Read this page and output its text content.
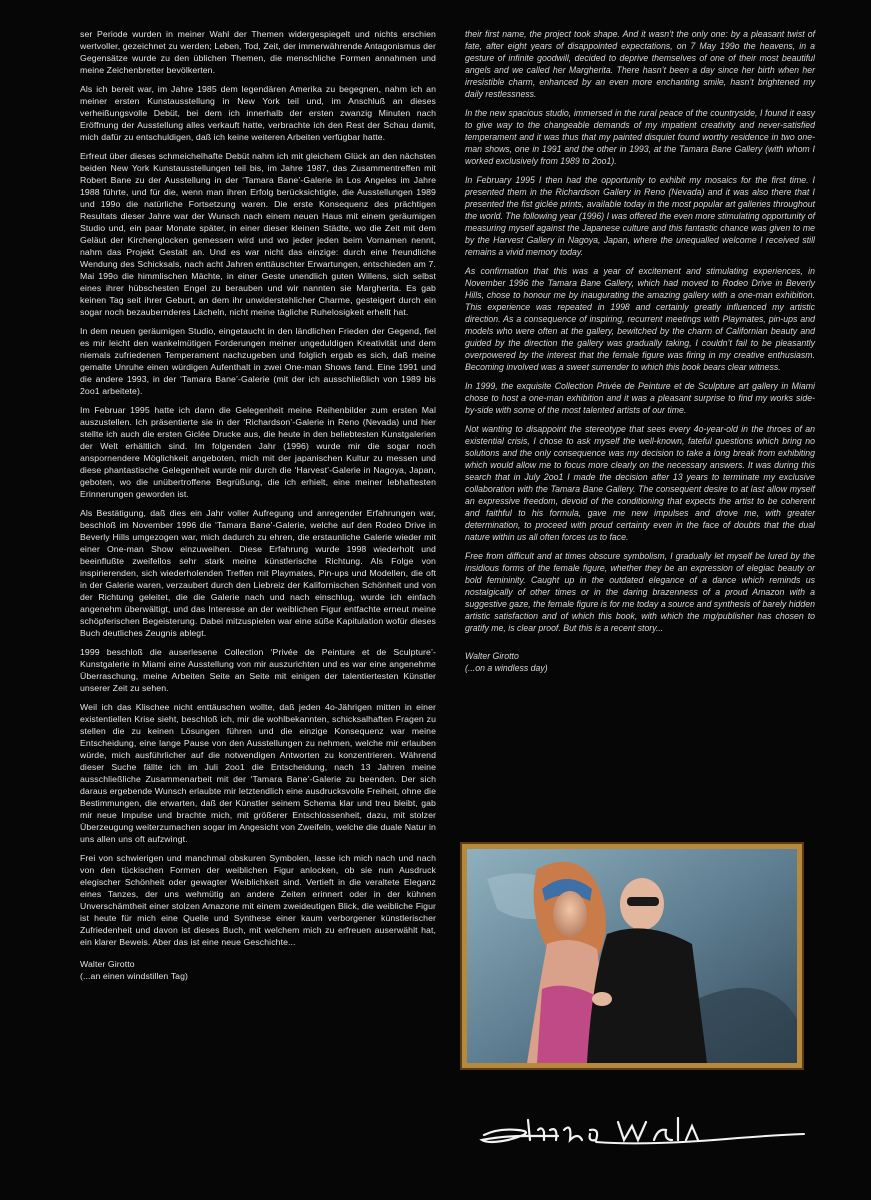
ser Periode wurden in meiner Wahl der Themen widergespiegelt und nichts erschien wertvoller, gezeichnet zu werden; Leben, Tod, Zeit, der immerwährende Antagonismus der Gegensätze wurde zu den üblichen Themen, die menschliche Formen annahmen und meine Zeichenbretter bevölkerten.

Als ich bereit war, im Jahre 1985 dem legendären Amerika zu begegnen, nahm ich an meiner ersten Kunstausstellung in New York teil und, im Anschluß an dieses verheißungsvolle Debüt, bei dem ich innerhalb der ersten zwanzig Minuten nach Eröffnung der Ausstellung alles verkauft hatte, verbrachte ich den Rest der Schau damit, mich dafür zu entschuldigen, daß ich keine weiteren Arbeiten verfügbar hatte.

Erfreut über dieses schmeichelhafte Debüt nahm ich mit gleichem Glück an den nächsten beiden New York Kunstausstellungen teil bis, im Jahre 1987, das Zusammentreffen mit Robert Bane zu der Ausstellung in der ‘Tamara Bane’-Galerie in Los Angeles im Jahre 1988 führte, und für die, wenn man ihren Erfolg berücksichtigte, die Ausstellungen 1989 und 199o die natürliche Fortsetzung waren. Die erste Konsequenz des prächtigen Resultats dieser Jahre war der Wunsch nach einem neuen Haus mit einem geräumigen Studio und, ein paar Monate später, in einer dieser kleinen Städte, wo die Zeit mit dem Geläut der Kirchenglocken gemessen wird und wo jeder jeden beim Vornamen nennt, nahm das Projekt Gestalt an. Und es war nicht das einzige: durch eine freundliche Wendung des Schicksals, nach acht Jahren enttäuschter Erwartungen, entschieden am 7. Mai 199o die himmlischen Mächte, in einer Geste unendlich guten Willens, sich selbst eines ihrer hübschesten Engel zu berauben und wir nannten sie Margherita. Es gab keinen Tag seit ihrer Geburt, an dem ihr unwiderstehlicher Charme, gesteigert durch ein sogar noch bezaubernderes Lächeln, nicht meine tägliche Ruhelosigkeit erhellt hat.

In dem neuen geräumigen Studio, eingetaucht in den ländlichen Frieden der Gegend, fiel es mir leicht den wankelmütigen Forderungen meiner ungeduldigen Kreativität und dem niemals zufriedenen Temperament nachzugeben und folglich ergab es sich, daß meine gemalte Unruhe einen würdigen Aufenthalt in zwei One-man Shows fand. Eine 1991 und die andere 1993, in der ‘Tamara Bane’-Galerie (mit der ich ausschließlich von 1989 bis 2oo1 arbeitete).

Im Februar 1995 hatte ich dann die Gelegenheit meine Reihenbilder zum ersten Mal auszustellen. Ich präsentierte sie in der ‘Richardson’-Galerie in Reno (Nevada) und hier stellte ich auch die ersten Giclée Drucke aus, die heute in den beliebtesten Kunstgalerien der Welt erhältlich sind. Im folgenden Jahr (1996) wurde mir die sogar noch anspornendere Möglichkeit angeboten, mich mit der japanischen Kultur zu messen und diese phantastische Gelegenheit wurde mir durch die ‘Harvest’-Galerie in Nagoya, Japan, geboten, wo die unübertroffene Begrüßung, die ich erhielt, eine meiner lebhaftesten Erinnerungen geworden ist.

Als Bestätigung, daß dies ein Jahr voller Aufregung und anregender Erfahrungen war, beschloß im November 1996 die ‘Tamara Bane’-Galerie, welche auf den Rodeo Drive in Beverly Hills umgezogen war, mich dadurch zu ehren, die erstaunliche Galerie wieder mit einer One-man Show einzuweihen. Diese Erfahrung wurde 1998 wiederholt und beeinflußte zweifellos sehr stark meine künstlerische Richtung. Als Folge von inspirierenden, sich wiederholenden Treffen mit Playmates, Pin-ups und Modellen, die oft in der Galerie waren, verzaubert durch den Liebreiz der Kalifornischen Schönheit und von der Richtung geleitet, die die Galerie nach und nach einschlug, wurde ich einfach angenehm überwältigt, und das Interesse an der weiblichen Figur entfachte erneut meine schöpferischen Begeisterung. Dabei mitzuspielen war eine süße Kapitulation wofür dieses Buch deutliches Zeugnis ablegt.

1999 beschloß die auserlesene Collection ‘Privée de Peinture et de Sculpture’-Kunstgalerie in Miami eine Ausstellung von mir auszurichten und es war eine angenehme Überraschung, meine Arbeiten Seite an Seite mit einigen der talentiertesten Künstler unserer Zeit zu sehen.

Weil ich das Klischee nicht enttäuschen wollte, daß jeden 4o-Jährigen mitten in einer existentiellen Krise sieht, beschloß ich, mir die wohlbekannten, schicksalhaften Fragen zu stellen die zu keinen Lösungen führen und die einzige Konsequenz war meine Entscheidung, eine lange Pause von den Ausstellungen zu nehmen, welche mir erlauben würde, mich ausführlicher auf die notwendigen Antworten zu konzentrieren. Während dieser Suche fällte ich im Juli 2oo1 die Entscheidung, nach 13 Jahren meine ausschließliche Zusammenarbeit mit der ‘Tamara Bane’-Galerie zu beenden. Der sich daraus ergebende Wunsch erlaubte mir letztendlich eine ausdrucksvolle Freiheit, ohne die Bestimmungen, die erwarten, daß der Künstler seinem Schema klar und treu bleibt, gab mir neue Impulse und brachte mich, mit größerer Entschlossenheit, dazu, mit stolzer Überzeugung weiterzumachen sogar im Angesicht von Zweifeln, welche die duale Natur in uns allen uns oft aufzwingt.

Frei von schwierigen und manchmal obskuren Symbolen, lasse ich mich nach und nach von den tückischen Formen der weiblichen Figur anlocken, ob sie nun Ausdruck elegischer Schönheit oder gewagter Weiblichkeit sind. Vertieft in die veraltete Eleganz eines Tanzes, der uns wehmütig an andere Zeiten erinnert oder in der kühnen Unverschämtheit einer stolzen Amazone mit einem zweideutigen Blick, die weibliche Figur ist heute für mich eine Quelle und Synthese einer kaum verborgener künstlerischer Zufriedenheit und davon ist dieses Buch, mit welchem mich zu erfreuen auserwählt hat, ein klarer Beweis. Aber das ist eine neue Geschichte...

Walter Girotto
(...an einen windstillen Tag)

their first name, the project took shape. And it wasn’t the only one: by a pleasant twist of fate, after eight years of disappointed expectations, on 7 May 199o the heavens, in a gesture of infinite goodwill, decided to deprive themselves of one of their most beautiful angels and we called her Margherita. There hasn’t been a day since her birth when her irresistible charm, enhanced by an even more enchanting smile, hasn’t brightened my daily restlessness.

In the new spacious studio, immersed in the rural peace of the countryside, I found it easy to give way to the changeable demands of my impatient creativity and never-satisfied temperament and it was thus that my painted disquiet found worthy residence in two one-man shows, one in 1991 and the other in 1993, at the Tamara Bane Gallery (with whom I worked exclusively from 1989 to 2oo1).

In February 1995 I then had the opportunity to exhibit my mosaics for the first time. I presented them in the Richardson Gallery in Reno (Nevada) and it was also there that I presented the fist giclée prints, available today in the most popular art galleries throughout the world. The following year (1996) I was offered the even more stimulating opportunity of measuring myself against the Japanese culture and this fantastic chance was given to me by the Harvest Gallery in Nagoya, Japan, where the unequalled welcome I received still remains a vivid memory today.

As confirmation that this was a year of excitement and stimulating experiences, in November 1996 the Tamara Bane Gallery, which had moved to Rodeo Drive in Beverly Hills, chose to honour me by inaugurating the amazing gallery with a one-man exhibition. This experience was repeated in 1998 and certainly greatly influenced my artistic direction. As a consequence of inspiring, recurrent meetings with Playmates, pin-ups and models who were often at the gallery, bewitched by the charm of Californian beauty and guided by the direction the gallery was gradually taking, I couldn’t fail to be pleasantly overpowered by the interest that the female figure was firing in my creative enthusiasm. Becoming involved was a sweet surrender to which this book bears clear witness.

In 1999, the exquisite Collection Privée de Peinture et de Sculpture art gallery in Miami chose to host a one-man exhibition and it was a pleasant surprise to find my works side-by-side with some of the most talented artists of our time.

Not wanting to disappoint the stereotype that sees every 4o-year-old in the throes of an existential crisis, I chose to ask myself the well-known, fateful questions which bring no solutions and the only consequence was my decision to take a long break from exhibiting which would allow me to focus more clearly on the necessary answers. It was during this search that in July 2oo1 I made the decision after 13 years to terminate my exclusive collaboration with the Tamara Bane Gallery. The consequent desire to at last allow myself an expressive freedom, devoid of the conditioning that expects the artist to be coherent and faithful to his formula, gave me new impulses and drove me, with greater determination, to proceed with proud certainty even in the face of doubts that the dual nature within us all often forces us to face.

Free from difficult and at times obscure symbolism, I gradually let myself be lured by the insidious forms of the female figure, whether they be an expression of elegiac beauty or bold femininity. Caught up in the outdated elegance of a dance which reminds us nostalgically of other times or in the daring brazenness of a proud Amazon with a suggestive gaze, the female figure is for me today a source and synthesis of barely hidden artistic satisfaction and of which this book, with which the mg/publisher has chosen to gratify me, is clear proof. But this is a recent story...

Walter Girotto
(...on a windless day)
